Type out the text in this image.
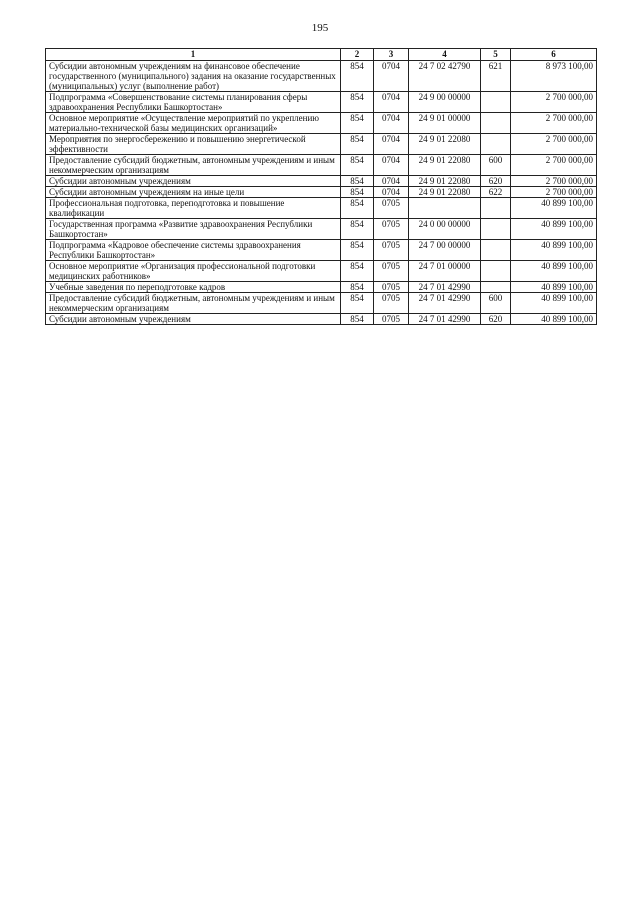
195
1	2	3	4	5	6
Субсидии автономным учреждениям на финансовое обеспечение государственного (муниципального) задания на оказание государственных (муниципальных) услуг (выполнение работ)	854	0704	24 7 02 42790	621	8 973 100,00
Подпрограмма «Совершенствование системы планирования сферы здравоохранения Республики Башкортостан»	854	0704	24 9 00 00000		2 700 000,00
Основное мероприятие «Осуществление мероприятий по укреплению материально-технической базы медицинских организаций»	854	0704	24 9 01 00000		2 700 000,00
Мероприятия по энергосбережению и повышению энергетической эффективности	854	0704	24 9 01 22080		2 700 000,00
Предоставление субсидий бюджетным, автономным учреждениям и иным некоммерческим организациям	854	0704	24 9 01 22080	600	2 700 000,00
Субсидии автономным учреждениям	854	0704	24 9 01 22080	620	2 700 000,00
Субсидии автономным учреждениям на иные цели	854	0704	24 9 01 22080	622	2 700 000,00
Профессиональная подготовка, переподготовка и повышение квалификации	854	0705			40 899 100,00
Государственная программа «Развитие здравоохранения Республики Башкортостан»	854	0705	24 0 00 00000		40 899 100,00
Подпрограмма «Кадровое обеспечение системы здравоохранения Республики Башкортостан»	854	0705	24 7 00 00000		40 899 100,00
Основное мероприятие «Организация профессиональной подготовки медицинских работников»	854	0705	24 7 01 00000		40 899 100,00
Учебные заведения по переподготовке кадров	854	0705	24 7 01 42990		40 899 100,00
Предоставление субсидий бюджетным, автономным учреждениям и иным некоммерческим организациям	854	0705	24 7 01 42990	600	40 899 100,00
Субсидии автономным учреждениям	854	0705	24 7 01 42990	620	40 899 100,00
